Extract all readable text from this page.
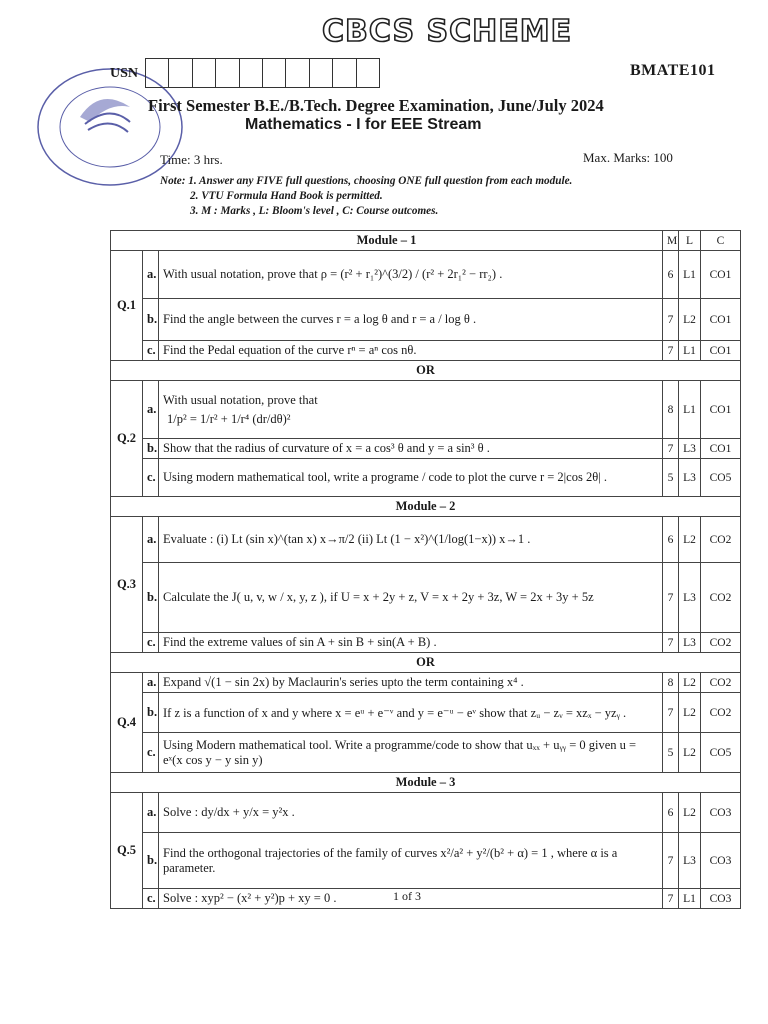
CBCS SCHEME
USN	BMATE101
First Semester B.E./B.Tech. Degree Examination, June/July 2024
Mathematics - I for EEE Stream
Time: 3 hrs.	Max. Marks: 100
Note: 1. Answer any FIVE full questions, choosing ONE full question from each module.
2. VTU Formula Hand Book is permitted.
3. M : Marks , L: Bloom's level , C: Course outcomes.
Module – 1			M	L	C
Q.1	a.	With usual notation, prove that ρ = (r² + r₁²)^(3/2) / (r² + 2r₁² − rr₂) .	6	L1	CO1
	b.	Find the angle between the curves r = a log θ and r = a / log θ .	7	L2	CO1
	c.	Find the Pedal equation of the curve rⁿ = aⁿ cos nθ.	7	L1	CO1
OR					
Q.2	a.	With usual notation, prove that
1/p² = 1/r² + 1/r⁴ (dr/dθ)²	8	L1	CO1
	b.	Show that the radius of curvature of x = a cos³ θ and y = a sin³ θ .	7	L3	CO1
	c.	Using modern mathematical tool, write a programe / code to plot the curve r = 2|cos 2θ| .	5	L3	CO5
Module – 2					
Q.3	a.	Evaluate : (i) Lt (sin x)^(tan x) x→π/2 (ii) Lt (1 − x²)^(1/log(1−x)) x→1 .	6	L2	CO2
	b.	Calculate the J( u, v, w / x, y, z ), if U = x + 2y + z, V = x + 2y + 3z, W = 2x + 3y + 5z	7	L3	CO2
	c.	Find the extreme values of sin A + sin B + sin(A + B) .	7	L3	CO2
OR					
Q.4	a.	Expand √(1 − sin 2x) by Maclaurin's series upto the term containing x⁴ .	8	L2	CO2
	b.	If z is a function of x and y where x = eᵘ + e⁻ᵛ and y = e⁻ᵘ − eᵛ show that zᵤ − zᵥ = xzₓ − yzᵧ .	7	L2	CO2
	c.	Using Modern mathematical tool. Write a programme/code to show that uₓₓ + uᵧᵧ = 0 given u = eˣ(x cos y − y sin y)	5	L2	CO5
Module – 3					
Q.5	a.	Solve : dy/dx + y/x = y²x .	6	L2	CO3
	b.	Find the orthogonal trajectories of the family of curves x²/a² + y²/(b² + α) = 1 , where α is a parameter.	7	L3	CO3
	c.	Solve : xyp² − (x² + y²)p + xy = 0 .	7	L1	CO3
1 of 3
